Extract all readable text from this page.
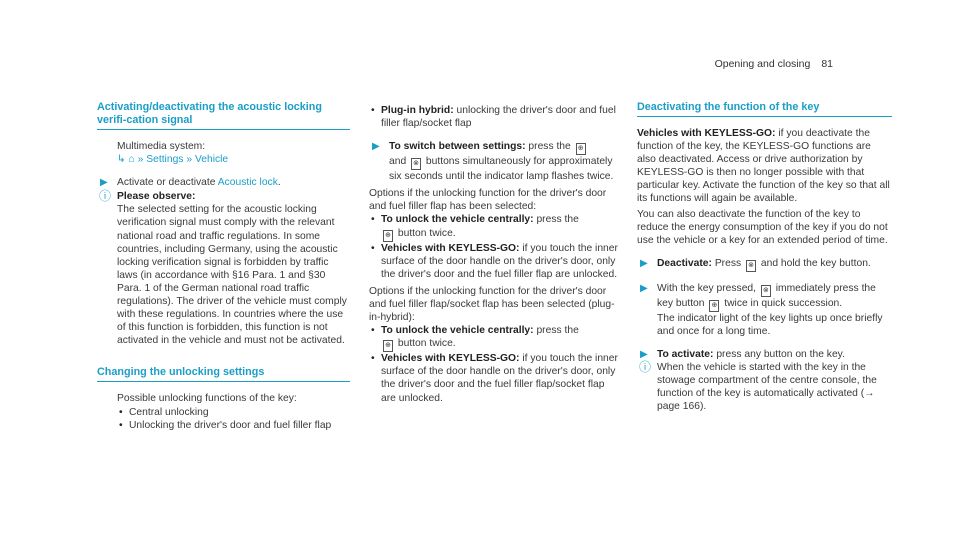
Opening and closing 81
Activating/deactivating the acoustic locking verifi-cation signal

Multimedia system:

↳ ⌂ » Settings » Vehicle

▶ Activate or deactivate Acoustic lock.

ⓘ Please observe:

The selected setting for the acoustic locking verification signal must comply with the relevant national road and traffic regulations. In some countries, including Germany, using the acoustic locking verification signal is forbidden by traffic laws (in accordance with §16 Para. 1 and §30 Para. 1 of the German national road traffic regulations). The driver of the vehicle must comply with these regulations. In countries where the use of this function is forbidden, this function is not activated in the vehicle and must not be activated.

Changing the unlocking settings

Possible unlocking functions of the key:

• Central unlocking

• Unlocking the driver's door and fuel filler flap

• Plug-in hybrid: unlocking the driver's door and fuel filler flap/socket flap

▶ To switch between settings: press the ⊕
and ⊗ buttons simultaneously for approximately six seconds until the indicator lamp flashes twice.

Options if the unlocking function for the driver's door and fuel filler flap has been selected:

• To unlock the vehicle centrally: press the
⊕ button twice.

• Vehicles with KEYLESS-GO: if you touch the inner surface of the door handle on the driver's door, only the driver's door and the fuel filler flap are unlocked.

Options if the unlocking function for the driver's door and fuel filler flap/socket flap has been selected (plug-in-hybrid):

• To unlock the vehicle centrally: press the
⊕ button twice.

• Vehicles with KEYLESS-GO: if you touch the inner surface of the door handle on the driver's door, only the driver's door and the fuel filler flap/socket flap are unlocked.

Deactivating the function of the key

Vehicles with KEYLESS-GO: if you deactivate the function of the key, the KEYLESS-GO functions are also deactivated. Access or drive authorization by KEYLESS-GO is then no longer possible with that particular key. Activate the function of the key so that all its functions will again be available.

You can also deactivate the function of the key to reduce the energy consumption of the key if you do not use the vehicle or a key for an extended period of time.

▶ Deactivate: Press ⊗ and hold the key button.

▶ With the key pressed, ⊗ immediately press the key button ⊕ twice in quick succession.
The indicator light of the key lights up once briefly and once for a long time.

▶ To activate: press any button on the key.

ⓘ When the vehicle is started with the key in the stowage compartment of the centre console, the function of the key is automatically activated (→ page 166).
